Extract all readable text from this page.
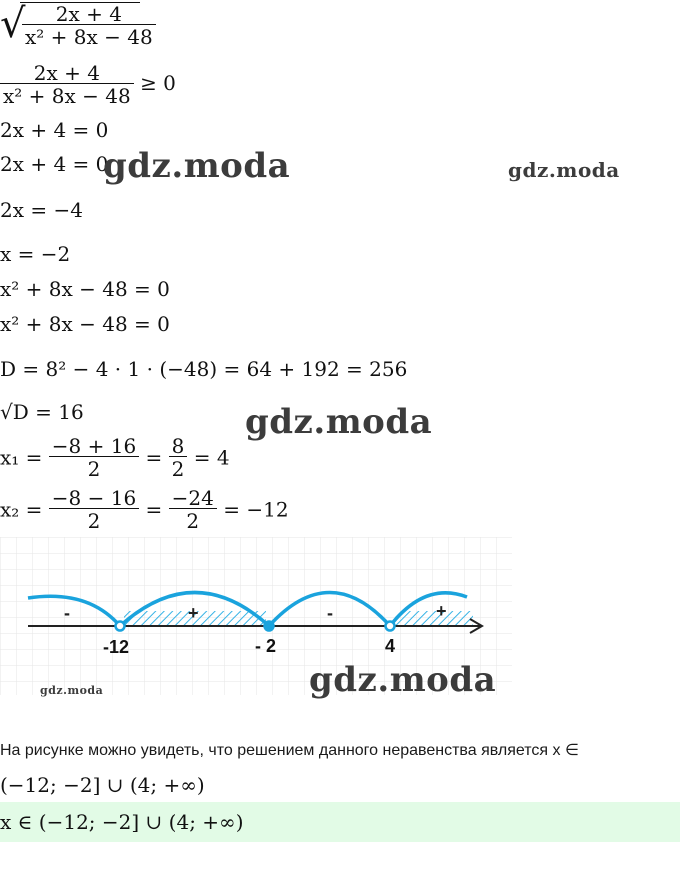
√
$\frac{2x + 4}{\text{x² + 8x − 48}}$
$\frac{2x + 4}{\text{x² + 8x − 48}} \ge 0$
2x + 4 = 0
2x + 4 = 0
2x = −4
x = −2
x² + 8x − 48 = 0
x² + 8x − 48 = 0
D = 8² − 4 · 1 · (−48) = 64 + 192 = 256
√D = 16
$x_1 = \frac{-8 + 16}{2} = \frac{8}{2} = 4$
$x_2 = \frac{-8 - 16}{2} = \frac{-24}{2} = -12$
-	+	-	+
-12	- 2	4
gdz.moda	gdz.moda
gdz.moda
gdz.moda
gdz.moda
На рисунке можно увидеть, что решением данного неравенства является x ∈
(−12; −2] ∪ (4; +∞)
x ∈ (−12; −2] ∪ (4; +∞)
